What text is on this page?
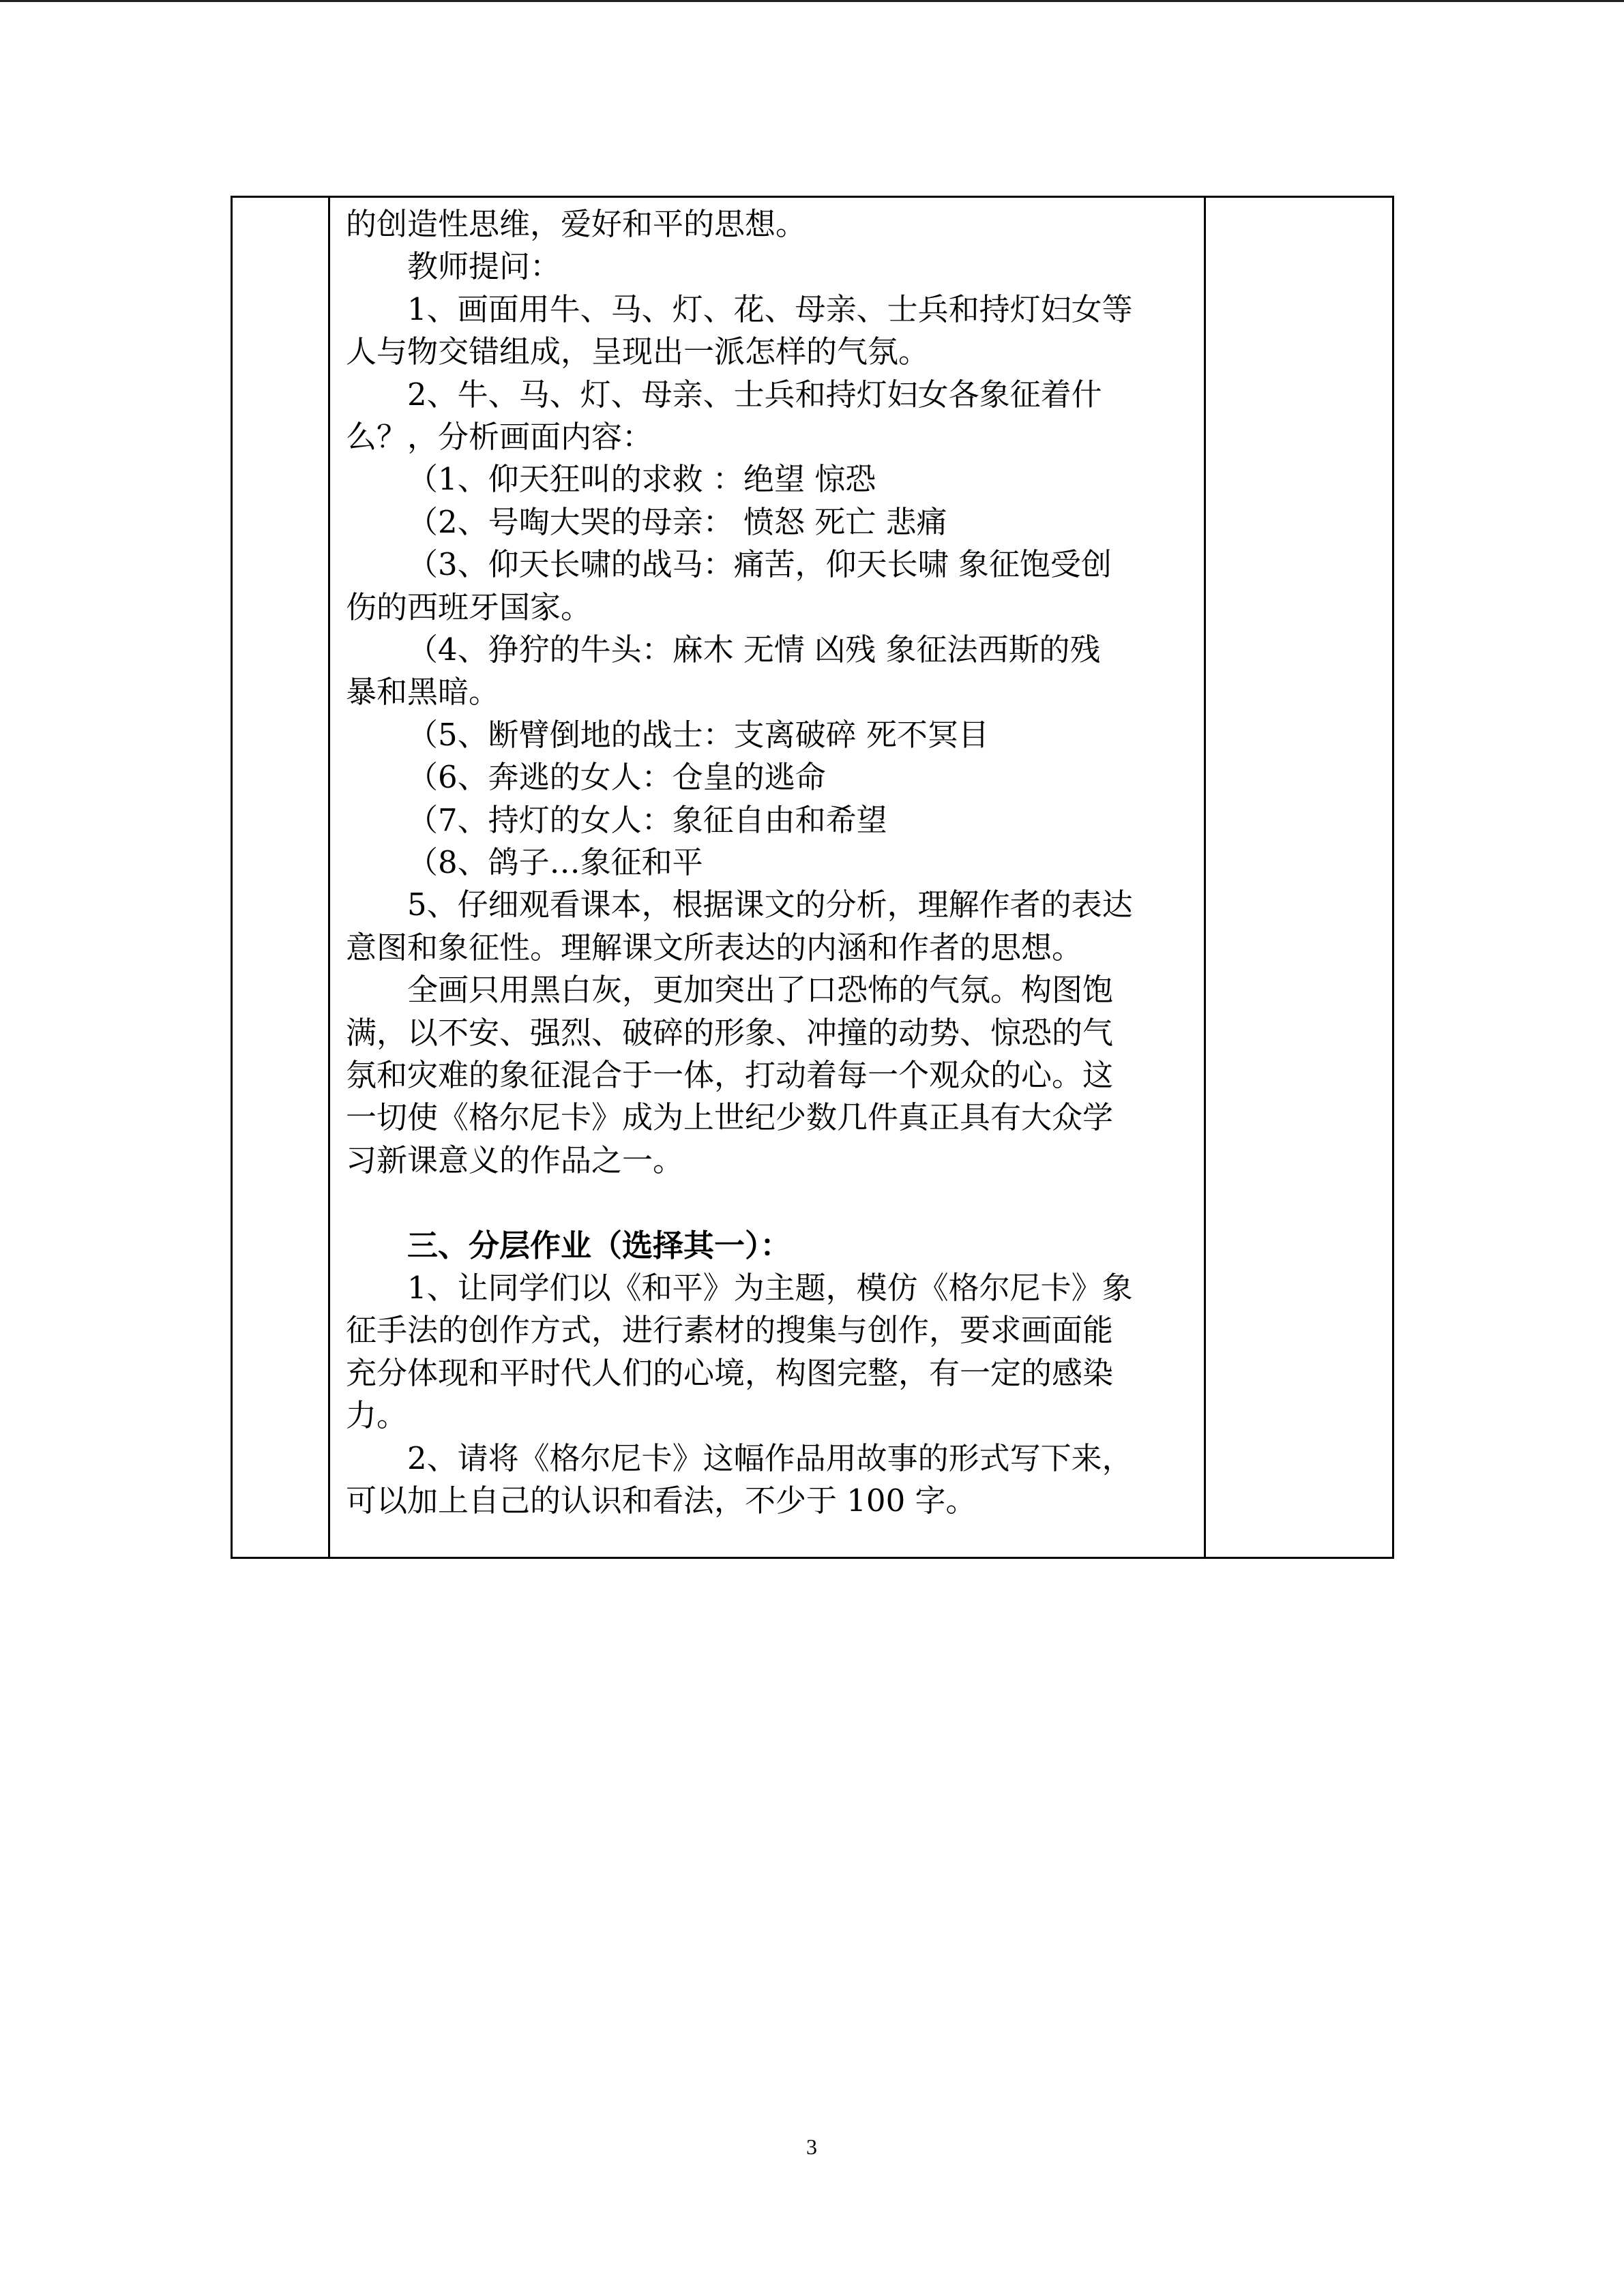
的创造性思维，爱好和平的思想。
教师提问：
1、画面用牛、马、灯、花、母亲、士兵和持灯妇女等
人与物交错组成，呈现出一派怎样的气氛。
2、牛、马、灯、母亲、士兵和持灯妇女各象征着什
么？，分析画面内容：
（1、仰天狂叫的求救 ：绝望 惊恐
（2、号啕大哭的母亲： 愤怒 死亡 悲痛
（3、仰天长啸的战马：痛苦，仰天长啸 象征饱受创
伤的西班牙国家。
（4、狰狞的牛头：麻木 无情 凶残 象征法西斯的残
暴和黑暗。
（5、断臂倒地的战士：支离破碎 死不冥目
（6、奔逃的女人：仓皇的逃命
（7、持灯的女人：象征自由和希望
（8、鸽子…象征和平
5、仔细观看课本，根据课文的分析，理解作者的表达
意图和象征性。理解课文所表达的内涵和作者的思想。
全画只用黑白灰，更加突出了口恐怖的气氛。构图饱
满，以不安、强烈、破碎的形象、冲撞的动势、惊恐的气
氛和灾难的象征混合于一体，打动着每一个观众的心。这
一切使《格尔尼卡》成为上世纪少数几件真正具有大众学
习新课意义的作品之一。
三、分层作业（选择其一）：
1、让同学们以《和平》为主题，模仿《格尔尼卡》象
征手法的创作方式，进行素材的搜集与创作，要求画面能
充分体现和平时代人们的心境，构图完整，有一定的感染
力。
2、请将《格尔尼卡》这幅作品用故事的形式写下来，
可以加上自己的认识和看法，不少于 100 字。
3
